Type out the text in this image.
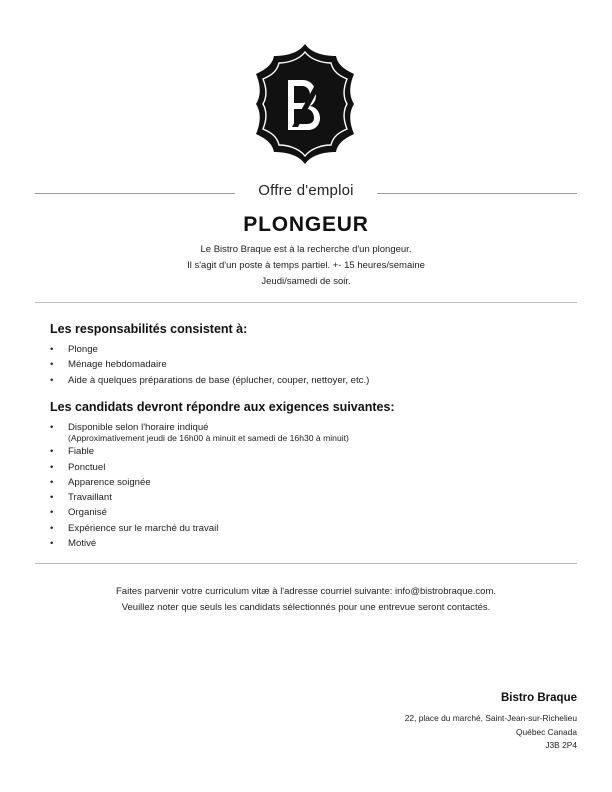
Offre d'emploi
PLONGEUR
Le Bistro Braque est à la recherche d'un plongeur.
Il s'agit d'un poste à temps partiel. +- 15 heures/semaine
Jeudi/samedi de soir.
Les responsabilités consistent à:
• Plonge
• Ménage hebdomadaire
• Aide à quelques préparations de base (éplucher, couper, nettoyer, etc.)
Les candidats devront répondre aux exigences suivantes:
• Disponible selon l'horaire indiqué
(Approximativement jeudi de 16h00 à minuit et samedi de 16h30 à minuit)
• Fiable
• Ponctuel
• Apparence soignée
• Travaillant
• Organisé
• Expérience sur le marché du travail
• Motivé
Faites parvenir votre curriculum vitæ à l'adresse courriel suivante: info@bistrobraque.com.
Veuillez noter que seuls les candidats sélectionnés pour une entrevue seront contactés.
Bistro Braque
22, place du marché, Saint-Jean-sur-Richelieu
Québec Canada
J3B 2P4
